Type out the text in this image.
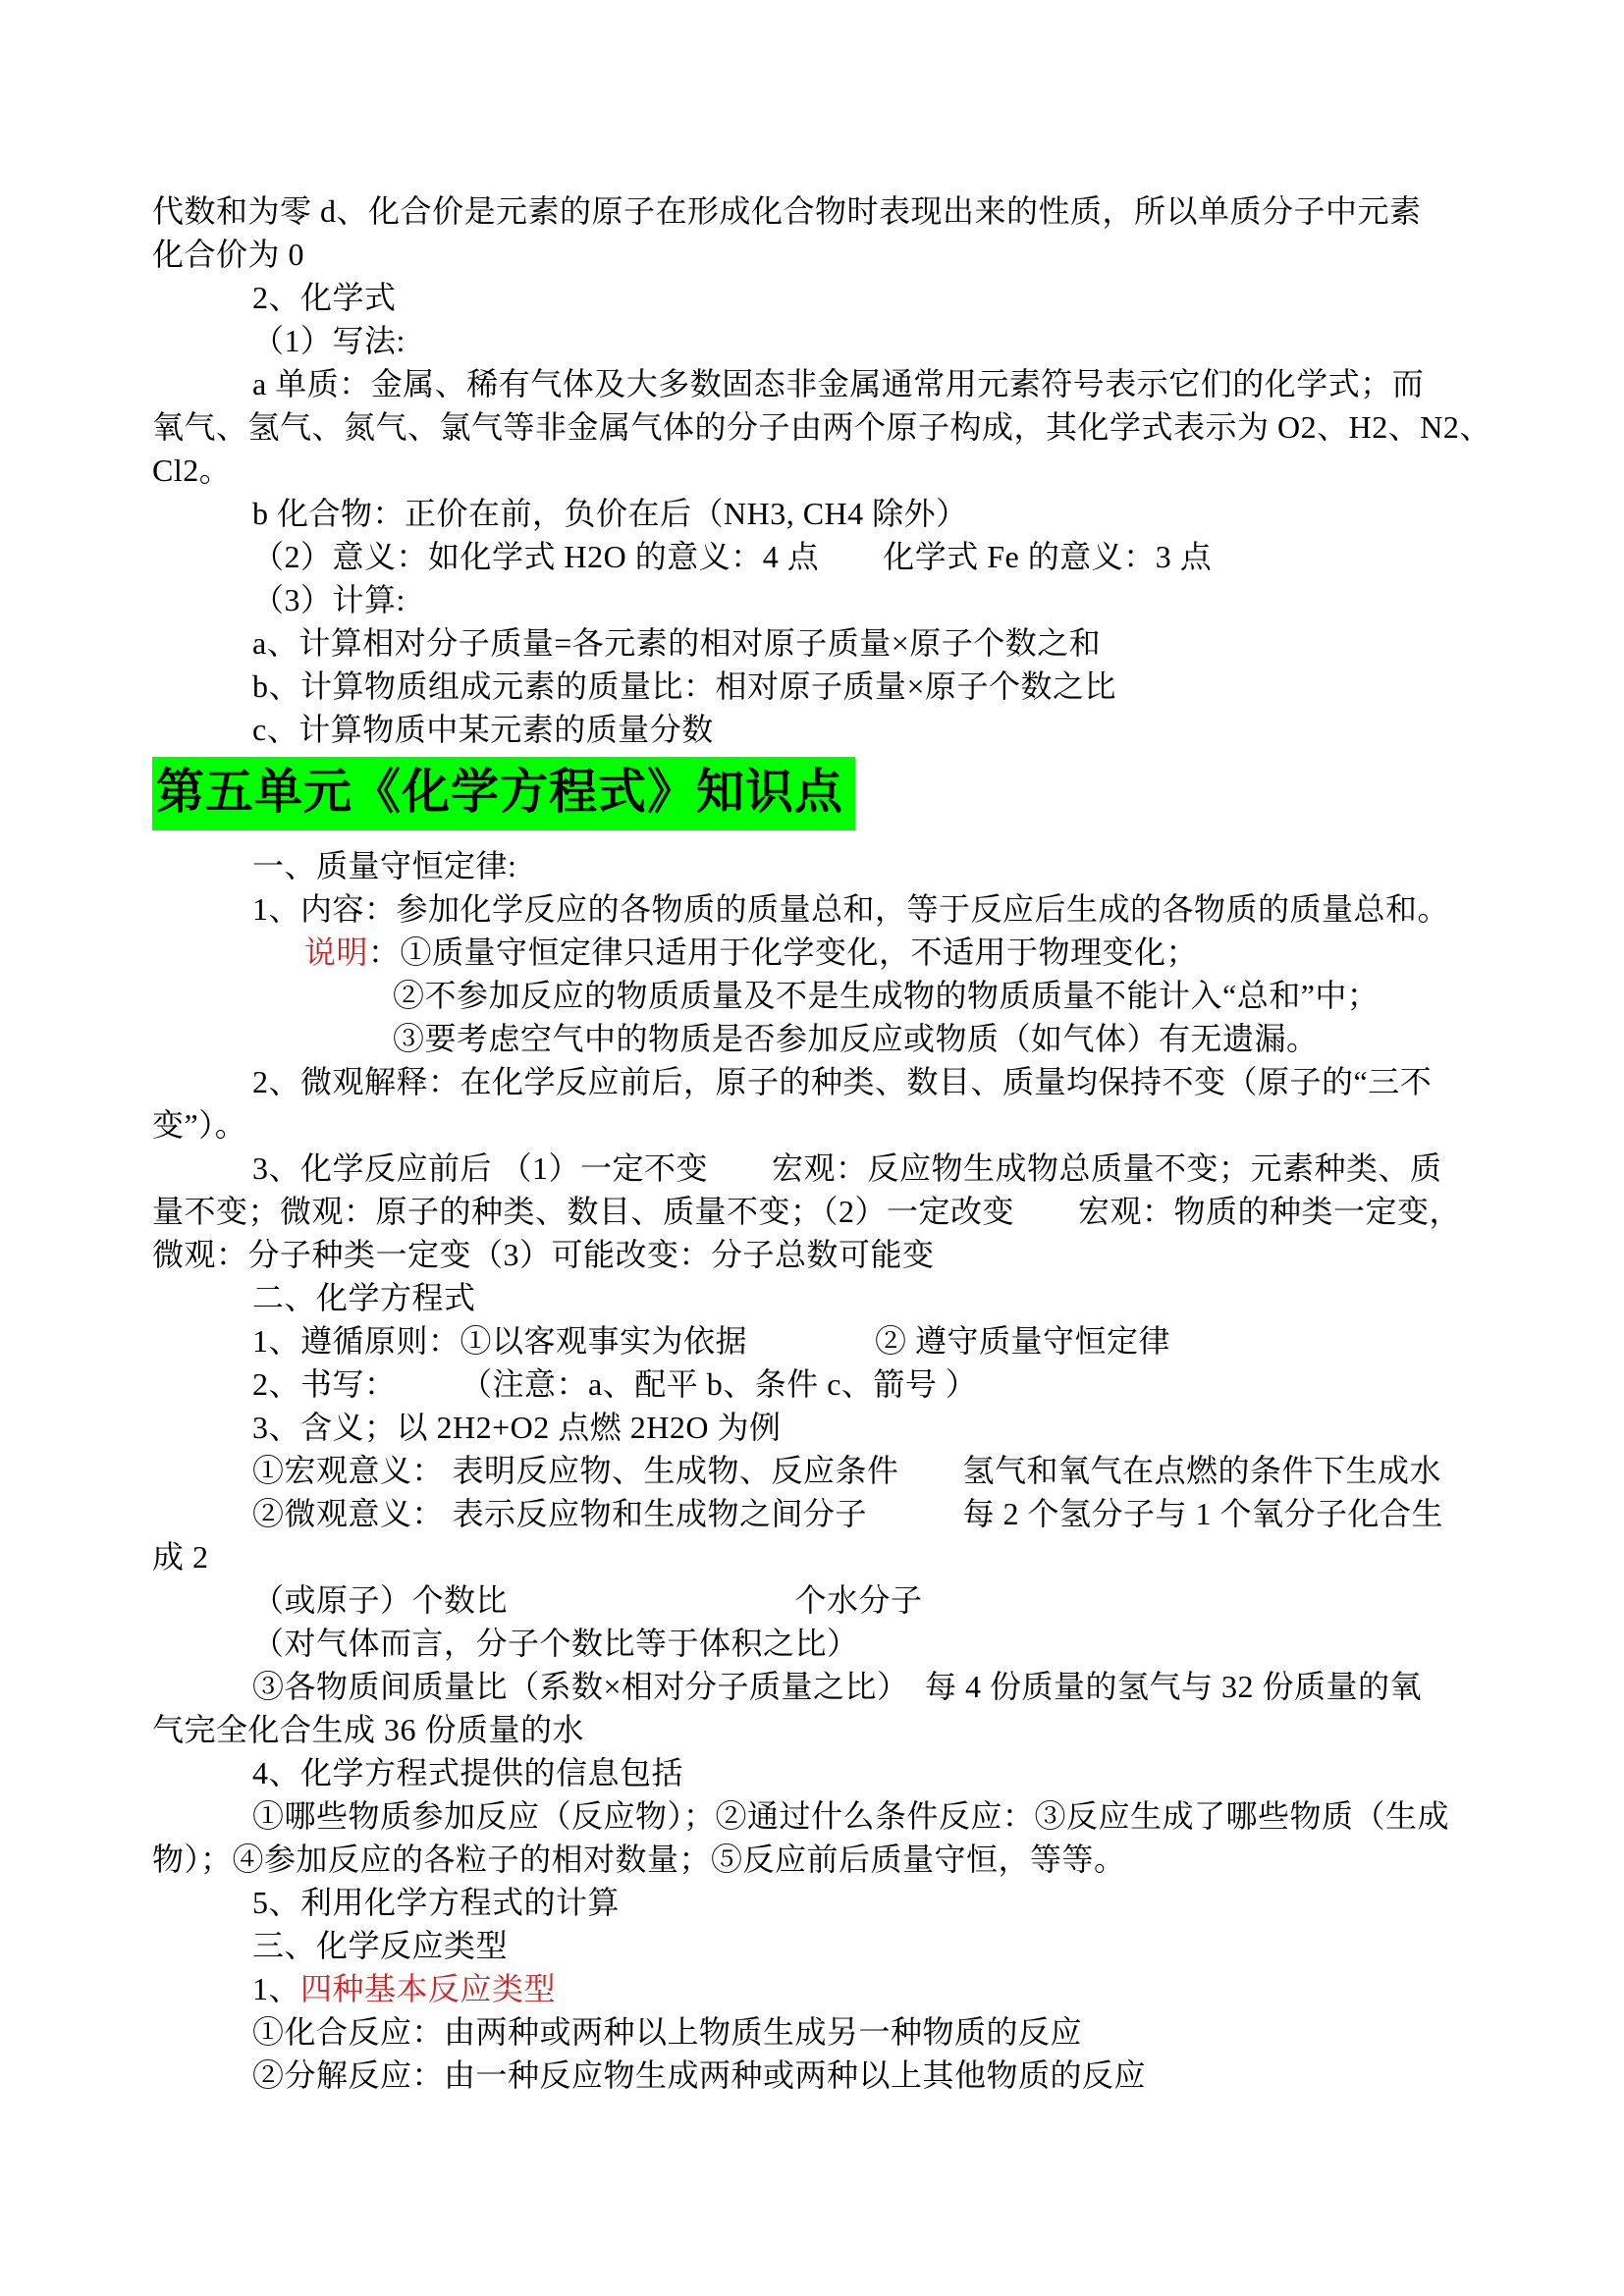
代数和为零 d、化合价是元素的原子在形成化合物时表现出来的性质，所以单质分子中元素
化合价为 0
2、化学式
（1）写法:
a 单质：金属、稀有气体及大多数固态非金属通常用元素符号表示它们的化学式；而
氧气、氢气、氮气、氯气等非金属气体的分子由两个原子构成，其化学式表示为 O2、H2、N2、
Cl2。
b 化合物：正价在前，负价在后（NH3, CH4 除外）
（2）意义：如化学式 H2O 的意义：4 点　　化学式 Fe 的意义：3 点
（3）计算:
a、计算相对分子质量=各元素的相对原子质量×原子个数之和
b、计算物质组成元素的质量比：相对原子质量×原子个数之比
c、计算物质中某元素的质量分数
第五单元《化学方程式》知识点
一、质量守恒定律:
1、内容：参加化学反应的各物质的质量总和，等于反应后生成的各物质的质量总和。
说明：①质量守恒定律只适用于化学变化，不适用于物理变化；
②不参加反应的物质质量及不是生成物的物质质量不能计入“总和”中；
③要考虑空气中的物质是否参加反应或物质（如气体）有无遗漏。
2、微观解释：在化学反应前后，原子的种类、数目、质量均保持不变（原子的“三不
变”）。
3、化学反应前后 （1）一定不变　　宏观：反应物生成物总质量不变；元素种类、质
量不变；微观：原子的种类、数目、质量不变；（2）一定改变　　宏观：物质的种类一定变，
微观：分子种类一定变（3）可能改变：分子总数可能变
二、化学方程式
1、遵循原则：①以客观事实为依据　　　　② 遵守质量守恒定律
2、书写：　　　（注意：a、配平 b、条件 c、箭号 ）
3、含义；以 2H2+O2 点燃 2H2O 为例
①宏观意义： 表明反应物、生成物、反应条件　　氢气和氧气在点燃的条件下生成水
②微观意义： 表示反应物和生成物之间分子　　　每 2 个氢分子与 1 个氧分子化合生
成 2
（或原子）个数比　　　　　　　　　个水分子
（对气体而言，分子个数比等于体积之比）
③各物质间质量比（系数×相对分子质量之比）　每 4 份质量的氢气与 32 份质量的氧
气完全化合生成 36 份质量的水
4、化学方程式提供的信息包括
①哪些物质参加反应（反应物）；②通过什么条件反应：③反应生成了哪些物质（生成
物）；④参加反应的各粒子的相对数量；⑤反应前后质量守恒，等等。
5、利用化学方程式的计算
三、化学反应类型
1、四种基本反应类型
①化合反应：由两种或两种以上物质生成另一种物质的反应
②分解反应：由一种反应物生成两种或两种以上其他物质的反应
